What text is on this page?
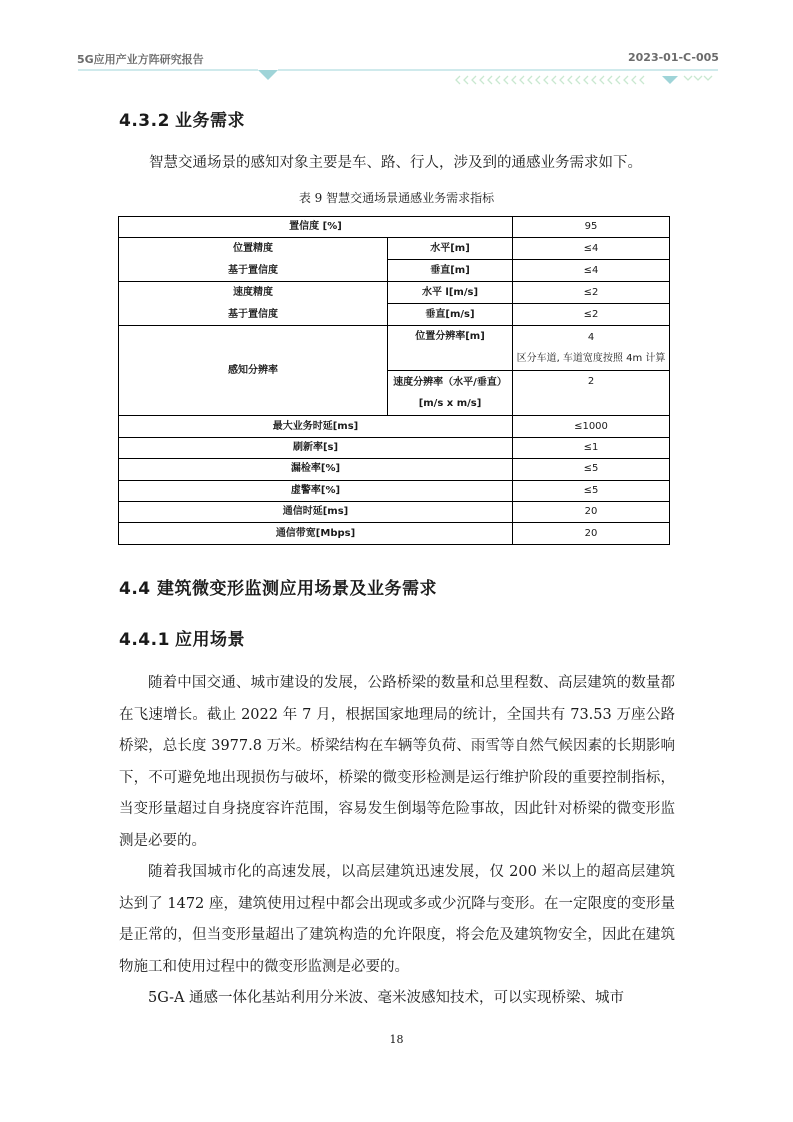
5G应用产业方阵研究报告	2023-01-C-005
4.3.2 业务需求
智慧交通场景的感知对象主要是车、路、行人，涉及到的通感业务需求如下。
表 9 智慧交通场景通感业务需求指标
置信度 [%]		95

位置精度
基于置信度	水平[m]	≤4
	垂直[m]	≤4

速度精度
基于置信度	水平 l[m/s]	≤2
	垂直[m/s]	≤2
感知分辨率	位置分辨率[m]	4
区分车道, 车道宽度按照 4m 计算

	速度分辨率（水平/垂直）
[m/s x m/s]	2

最大业务时延[ms]		≤1000
刷新率[s]		≤1
漏检率[%]		≤5
虚警率[%]		≤5
通信时延[ms]		20
通信带宽[Mbps]		20
4.4 建筑微变形监测应用场景及业务需求
4.4.1 应用场景

随着中国交通、城市建设的发展，公路桥梁的数量和总里程数、高层建筑的数量都在飞速增长。截止 2022 年 7 月，根据国家地理局的统计，全国共有 73.53 万座公路桥梁，总长度 3977.8 万米。桥梁结构在车辆等负荷、雨雪等自然气候因素的长期影响下，不可避免地出现损伤与破坏，桥梁的微变形检测是运行维护阶段的重要控制指标，当变形量超过自身挠度容许范围，容易发生倒塌等危险事故，因此针对桥梁的微变形监测是必要的。

随着我国城市化的高速发展，以高层建筑迅速发展，仅 200 米以上的超高层建筑达到了 1472 座，建筑使用过程中都会出现或多或少沉降与变形。在一定限度的变形量是正常的，但当变形量超出了建筑构造的允许限度，将会危及建筑物安全，因此在建筑物施工和使用过程中的微变形监测是必要的。

5G-A 通感一体化基站利用分米波、毫米波感知技术，可以实现桥梁、城市

18
